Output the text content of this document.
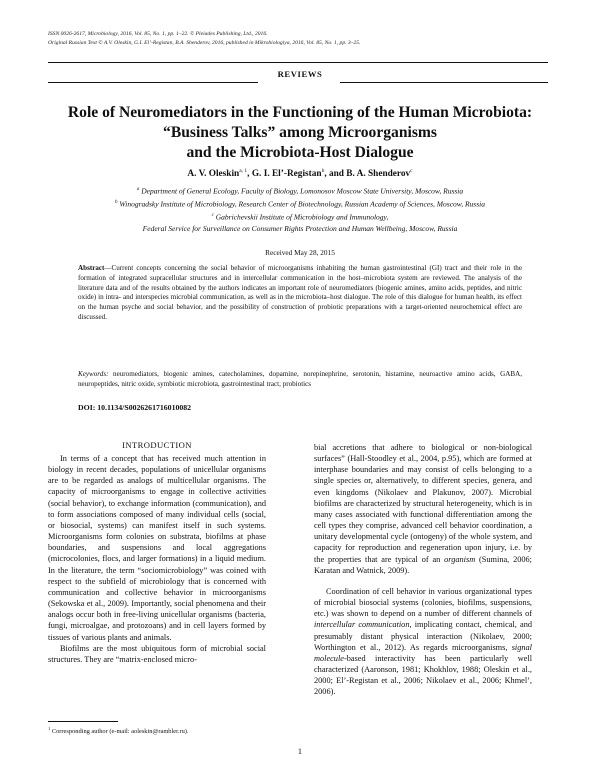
ISSN 0026-2617, Microbiology, 2016, Vol. 85, No. 1, pp. 1–22. © Pleiades Publishing, Ltd., 2016.
Original Russian Text © A.V. Oleskin, G.I. El’-Registan, B.A. Shenderov, 2016, published in Mikrobiologiya, 2016, Vol. 85, No. 1, pp. 3–25.
REVIEWS
Role of Neuromediators in the Functioning of the Human Microbiota:
“Business Talks” among Microorganisms
and the Microbiota-Host Dialogue
A. V. Oleskin$^{a, 1}$, G. I. El’-Registan$^b$, and B. A. Shenderov$^c$
$^a$ Department of General Ecology, Faculty of Biology, Lomonosov Moscow State University, Moscow, Russia
$^b$ Winogradsky Institute of Microbiology, Research Center of Biotechnology, Russian Academy of Sciences, Moscow, Russia
$^c$ Gabrichevskii Institute of Microbiology and Immunology,
Federal Service for Surveillance on Consumer Rights Protection and Human Wellbeing, Moscow, Russia
Received May 28, 2015
Abstract—Current concepts concerning the social behavior of microorganisms inhabiting the human gastrointestinal (GI) tract and their role in the formation of integrated supracellular structures and in intercellular communication in the host–microbiota system are reviewed. The analysis of the literature data and of the results obtained by the authors indicates an important role of neuromediators (biogenic amines, amino acids, peptides, and nitric oxide) in intra- and interspecies microbial communication, as well as in the microbiota–host dialogue. The role of this dialogue for human health, its effect on the human psyche and social behavior, and the possibility of construction of probiotic preparations with a target-oriented neurochemical effect are discussed.
Keywords: neuromediators, biogenic amines, catecholamines, dopamine, norepinephrine, serotonin, histamine, neuroactive amino acids, GABA, neuropeptides, nitric oxide, symbiotic microbiota, gastrointestinal tract, probiotics
DOI: 10.1134/S0026261716010082
INTRODUCTION

In terms of a concept that has received much attention in biology in recent decades, populations of unicellular organisms are to be regarded as analogs of multicellular organisms. The capacity of microorganisms to engage in collective activities (social behavior), to exchange information (communication), and to form associations composed of many individual cells (social, or biosocial, systems) can manifest itself in such systems. Microorganisms form colonies on substrata, biofilms at phase boundaries, and suspensions and local aggregations (microcolonies, flocs, and larger formations) in a liquid medium. In the literature, the term “sociomicrobiology” was coined with respect to the subfield of microbiology that is concerned with communication and collective behavior in microorganisms (Sekowska et al., 2009). Importantly, social phenomena and their analogs occur both in free-living unicellular organisms (bacteria, fungi, microalgae, and protozoans) and in cell layers formed by tissues of various plants and animals.

Biofilms are the most ubiquitous form of microbial social structures. They are “matrix-enclosed micro-

bial accretions that adhere to biological or non-biological surfaces” (Hall-Stoodley et al., 2004, p.95), which are formed at interphase boundaries and may consist of cells belonging to a single species or, alternatively, to different species, genera, and even kingdoms (Nikolaev and Plakunov, 2007). Microbial biofilms are characterized by structural heterogeneity, which is in many cases associated with functional differentiation among the cell types they comprise, advanced cell behavior coordination, a unitary developmental cycle (ontogeny) of the whole system, and capacity for reproduction and regeneration upon injury, i.e. by the properties that are typical of an organism (Sumina, 2006; Karatan and Watnick, 2009).

Coordination of cell behavior in various organizational types of microbial biosocial systems (colonies, biofilms, suspensions, etc.) was shown to depend on a number of different channels of intercellular communication, implicating contact, chemical, and presumably distant physical interaction (Nikolaev, 2000; Worthington et al., 2012). As regards microorganisms, signal molecule-based interactivity has been particularly well characterized (Aaronson, 1981; Khokhlov, 1988; Oleskin et al., 2000; El’-Registan et al., 2006; Nikolaev et al., 2006; Khmel’, 2006).

$^1$ Corresponding author (e-mail: aoleskin@rambler.ru).
1
